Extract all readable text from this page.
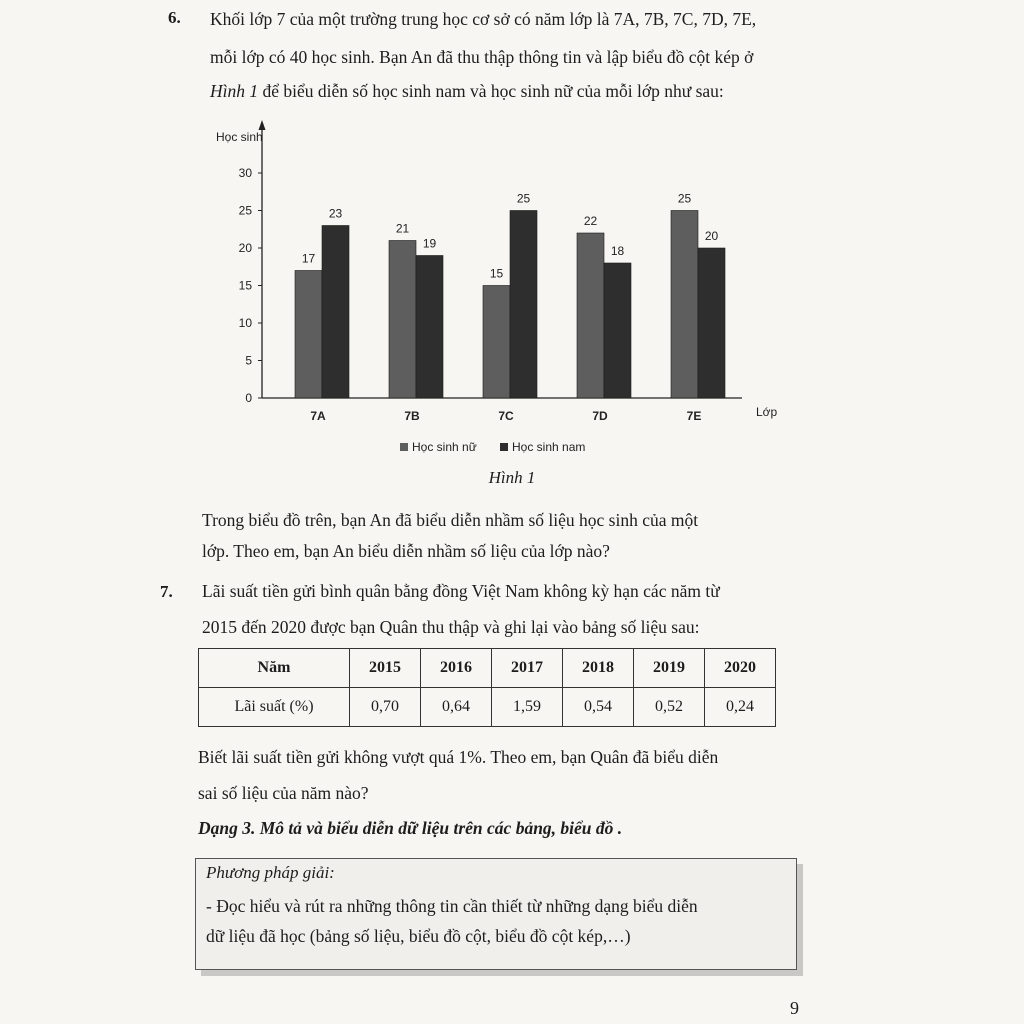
6. Khối lớp 7 của một trường trung học cơ sở có năm lớp là 7A, 7B, 7C, 7D, 7E,
mỗi lớp có 40 học sinh. Bạn An đã thu thập thông tin và lập biểu đồ cột kép ở
Hình 1 để biểu diễn số học sinh nam và học sinh nữ của mỗi lớp như sau:
Học sinh
Lớp
0
5
10
15
20
25
30
17
23
7A
21
19
7B
15
25
7C
22
18
7D
25
20
7E
Học sinh nữ	Học sinh nam
Hình 1
Trong biểu đồ trên, bạn An đã biểu diễn nhầm số liệu học sinh của một
lớp. Theo em, bạn An biểu diễn nhầm số liệu của lớp nào?
7. Lãi suất tiền gửi bình quân bằng đồng Việt Nam không kỳ hạn các năm từ
2015 đến 2020 được bạn Quân thu thập và ghi lại vào bảng số liệu sau:
Năm	2015	2016	2017	2018	2019	2020
Lãi suất (%)	0,70	0,64	1,59	0,54	0,52	0,24
Biết lãi suất tiền gửi không vượt quá 1%. Theo em, bạn Quân đã biểu diễn
sai số liệu của năm nào?
Dạng 3. Mô tả và biểu diễn dữ liệu trên các bảng, biểu đồ .
Phương pháp giải:
- Đọc hiểu và rút ra những thông tin cần thiết từ những dạng biểu diễn
dữ liệu đã học (bảng số liệu, biểu đồ cột, biểu đồ cột kép,…)
9
